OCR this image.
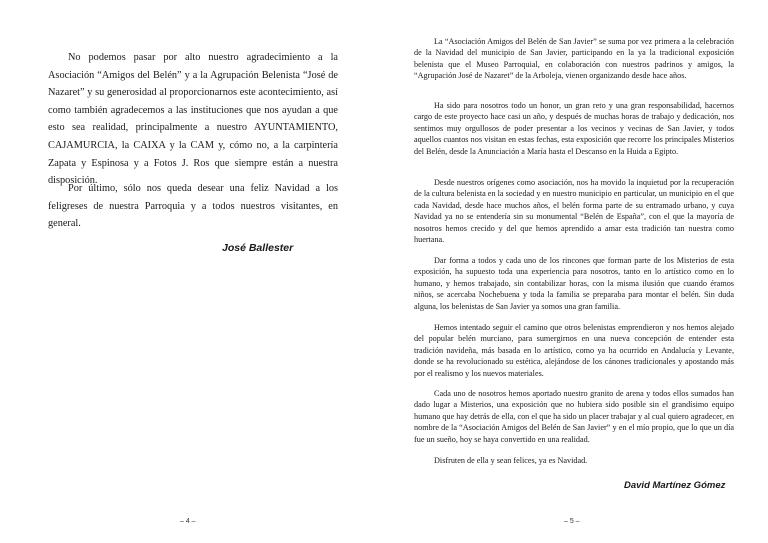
No podemos pasar por alto nuestro agradecimiento a la Asociación “Amigos del Belén” y a la Agrupación Belenista “José de Nazaret” y su generosidad al proporcionarnos este acontecimiento, así como también agradecemos a las instituciones que nos ayudan a que esto sea realidad, principalmente a nuestro AYUNTAMIENTO, CAJAMURCIA, la CAIXA y la CAM y, cómo no, a la carpintería Zapata y Espinosa y a Fotos J. Ros que siempre están a nuestra disposición.

Por último, sólo nos queda desear una feliz Navidad a los feligreses de nuestra Parroquia y a todos nuestros visitantes, en general.

José Ballester

– 4 –

La “Asociación Amigos del Belén de San Javier” se suma por vez primera a la celebración de la Navidad del municipio de San Javier, participando en la ya la tradicional exposición belenista que el Museo Parroquial, en colaboración con nuestros padrinos y amigos, la “Agrupación José de Nazaret” de la Arboleja, vienen organizando desde hace años.

Ha sido para nosotros todo un honor, un gran reto y una gran responsabilidad, hacernos cargo de este proyecto hace casi un año, y después de muchas horas de trabajo y dedicación, nos sentimos muy orgullosos de poder presentar a los vecinos y vecinas de San Javier, y todos aquellos cuantos nos visitan en estas fechas, esta exposición que recorre los principales Misterios del Belén, desde la Anunciación a María hasta el Descanso en la Huida a Egipto.

Desde nuestros orígenes como asociación, nos ha movido la inquietud por la recuperación de la cultura belenista en la sociedad y en nuestro municipio en particular, un municipio en el que cada Navidad, desde hace muchos años, el belén forma parte de su entramado urbano, y cuya Navidad ya no se entendería sin su monumental “Belén de España”, con el que la mayoría de nosotros hemos crecido y del que hemos aprendido a amar esta tradición tan nuestra como huertana.

Dar forma a todos y cada uno de los rincones que forman parte de los Misterios de esta exposición, ha supuesto toda una experiencia para nosotros, tanto en lo artístico como en lo humano, y hemos trabajado, sin contabilizar horas, con la misma ilusión que cuando éramos niños, se acercaba Nochebuena y toda la familia se preparaba para montar el belén. Sin duda alguna, los belenistas de San Javier ya somos una gran familia.

Hemos intentado seguir el camino que otros belenistas emprendieron y nos hemos alejado del popular belén murciano, para sumergirnos en una nueva concepción de entender esta tradición navideña, más basada en lo artístico, como ya ha ocurrido en Andalucía y Levante, donde se ha revolucionado su estética, alejándose de los cánones tradicionales y apostando más por el realismo y los nuevos materiales.

Cada uno de nosotros hemos aportado nuestro granito de arena y todos ellos sumados han dado lugar a Misterios, una exposición que no hubiera sido posible sin el grandísimo equipo humano que hay detrás de ella, con el que ha sido un placer trabajar y al cual quiero agradecer, en nombre de la “Asociación Amigos del Belén de San Javier” y en el mío propio, que lo que un día fue un sueño, hoy se haya convertido en una realidad.

Disfruten de ella y sean felices, ya es Navidad.

David Martínez Gómez

– 5 –
